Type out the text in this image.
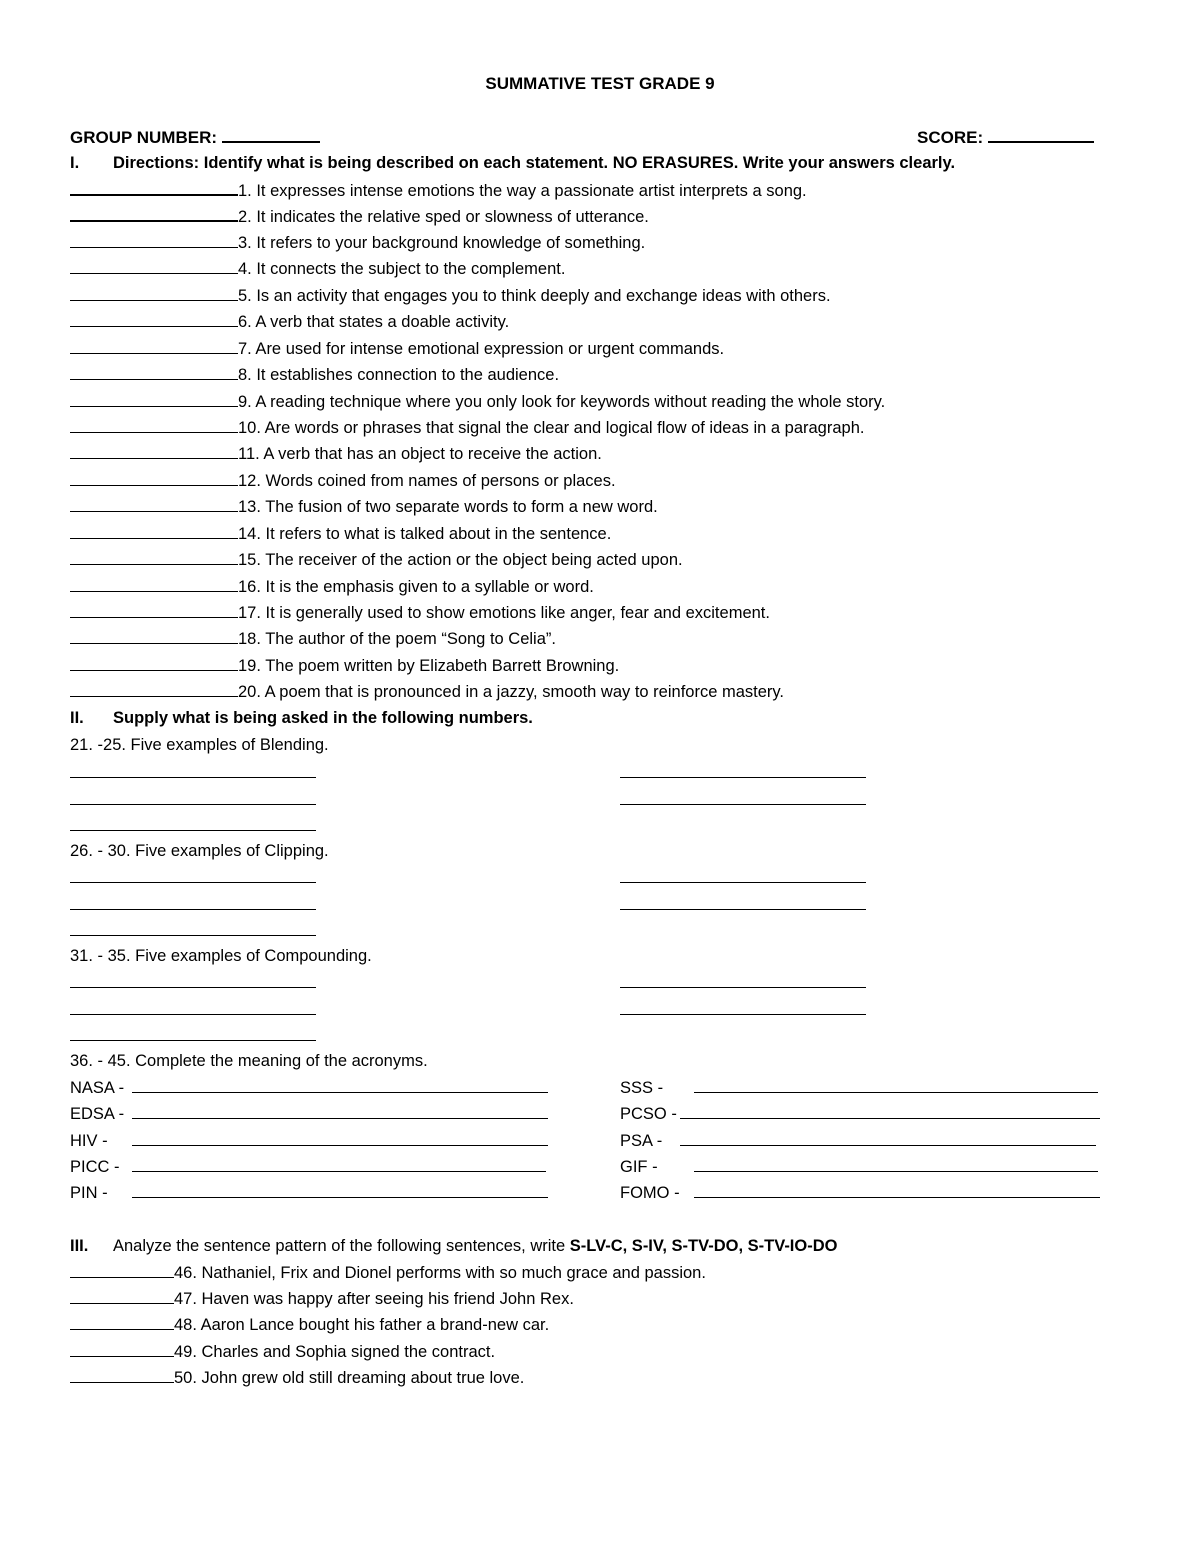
SUMMATIVE TEST GRADE 9
GROUP NUMBER:	SCORE:
I. Directions: Identify what is being described on each statement. NO ERASURES. Write your answers clearly.
1. It expresses intense emotions the way a passionate artist interprets a song.
2. It indicates the relative sped or slowness of utterance.
3. It refers to your background knowledge of something.
4. It connects the subject to the complement.
5. Is an activity that engages you to think deeply and exchange ideas with others.
6. A verb that states a doable activity.
7. Are used for intense emotional expression or urgent commands.
8. It establishes connection to the audience.
9. A reading technique where you only look for keywords without reading the whole story.
10. Are words or phrases that signal the clear and logical flow of ideas in a paragraph.
11. A verb that has an object to receive the action.
12. Words coined from names of persons or places.
13. The fusion of two separate words to form a new word.
14. It refers to what is talked about in the sentence.
15. The receiver of the action or the object being acted upon.
16. It is the emphasis given to a syllable or word.
17. It is generally used to show emotions like anger, fear and excitement.
18. The author of the poem “Song to Celia”.
19. The poem written by Elizabeth Barrett Browning.
20. A poem that is pronounced in a jazzy, smooth way to reinforce mastery.
II. Supply what is being asked in the following numbers.
21. -25. Five examples of Blending.
26. - 30. Five examples of Clipping.
31. - 35. Five examples of Compounding.
36. - 45. Complete the meaning of the acronyms.
NASA -	SSS -
EDSA -	PCSO -
HIV -	PSA -
PICC -	GIF -
PIN -	FOMO -
III. Analyze the sentence pattern of the following sentences, write S-LV-C, S-IV, S-TV-DO, S-TV-IO-DO
46. Nathaniel, Frix and Dionel performs with so much grace and passion.
47. Haven was happy after seeing his friend John Rex.
48. Aaron Lance bought his father a brand-new car.
49. Charles and Sophia signed the contract.
50. John grew old still dreaming about true love.
